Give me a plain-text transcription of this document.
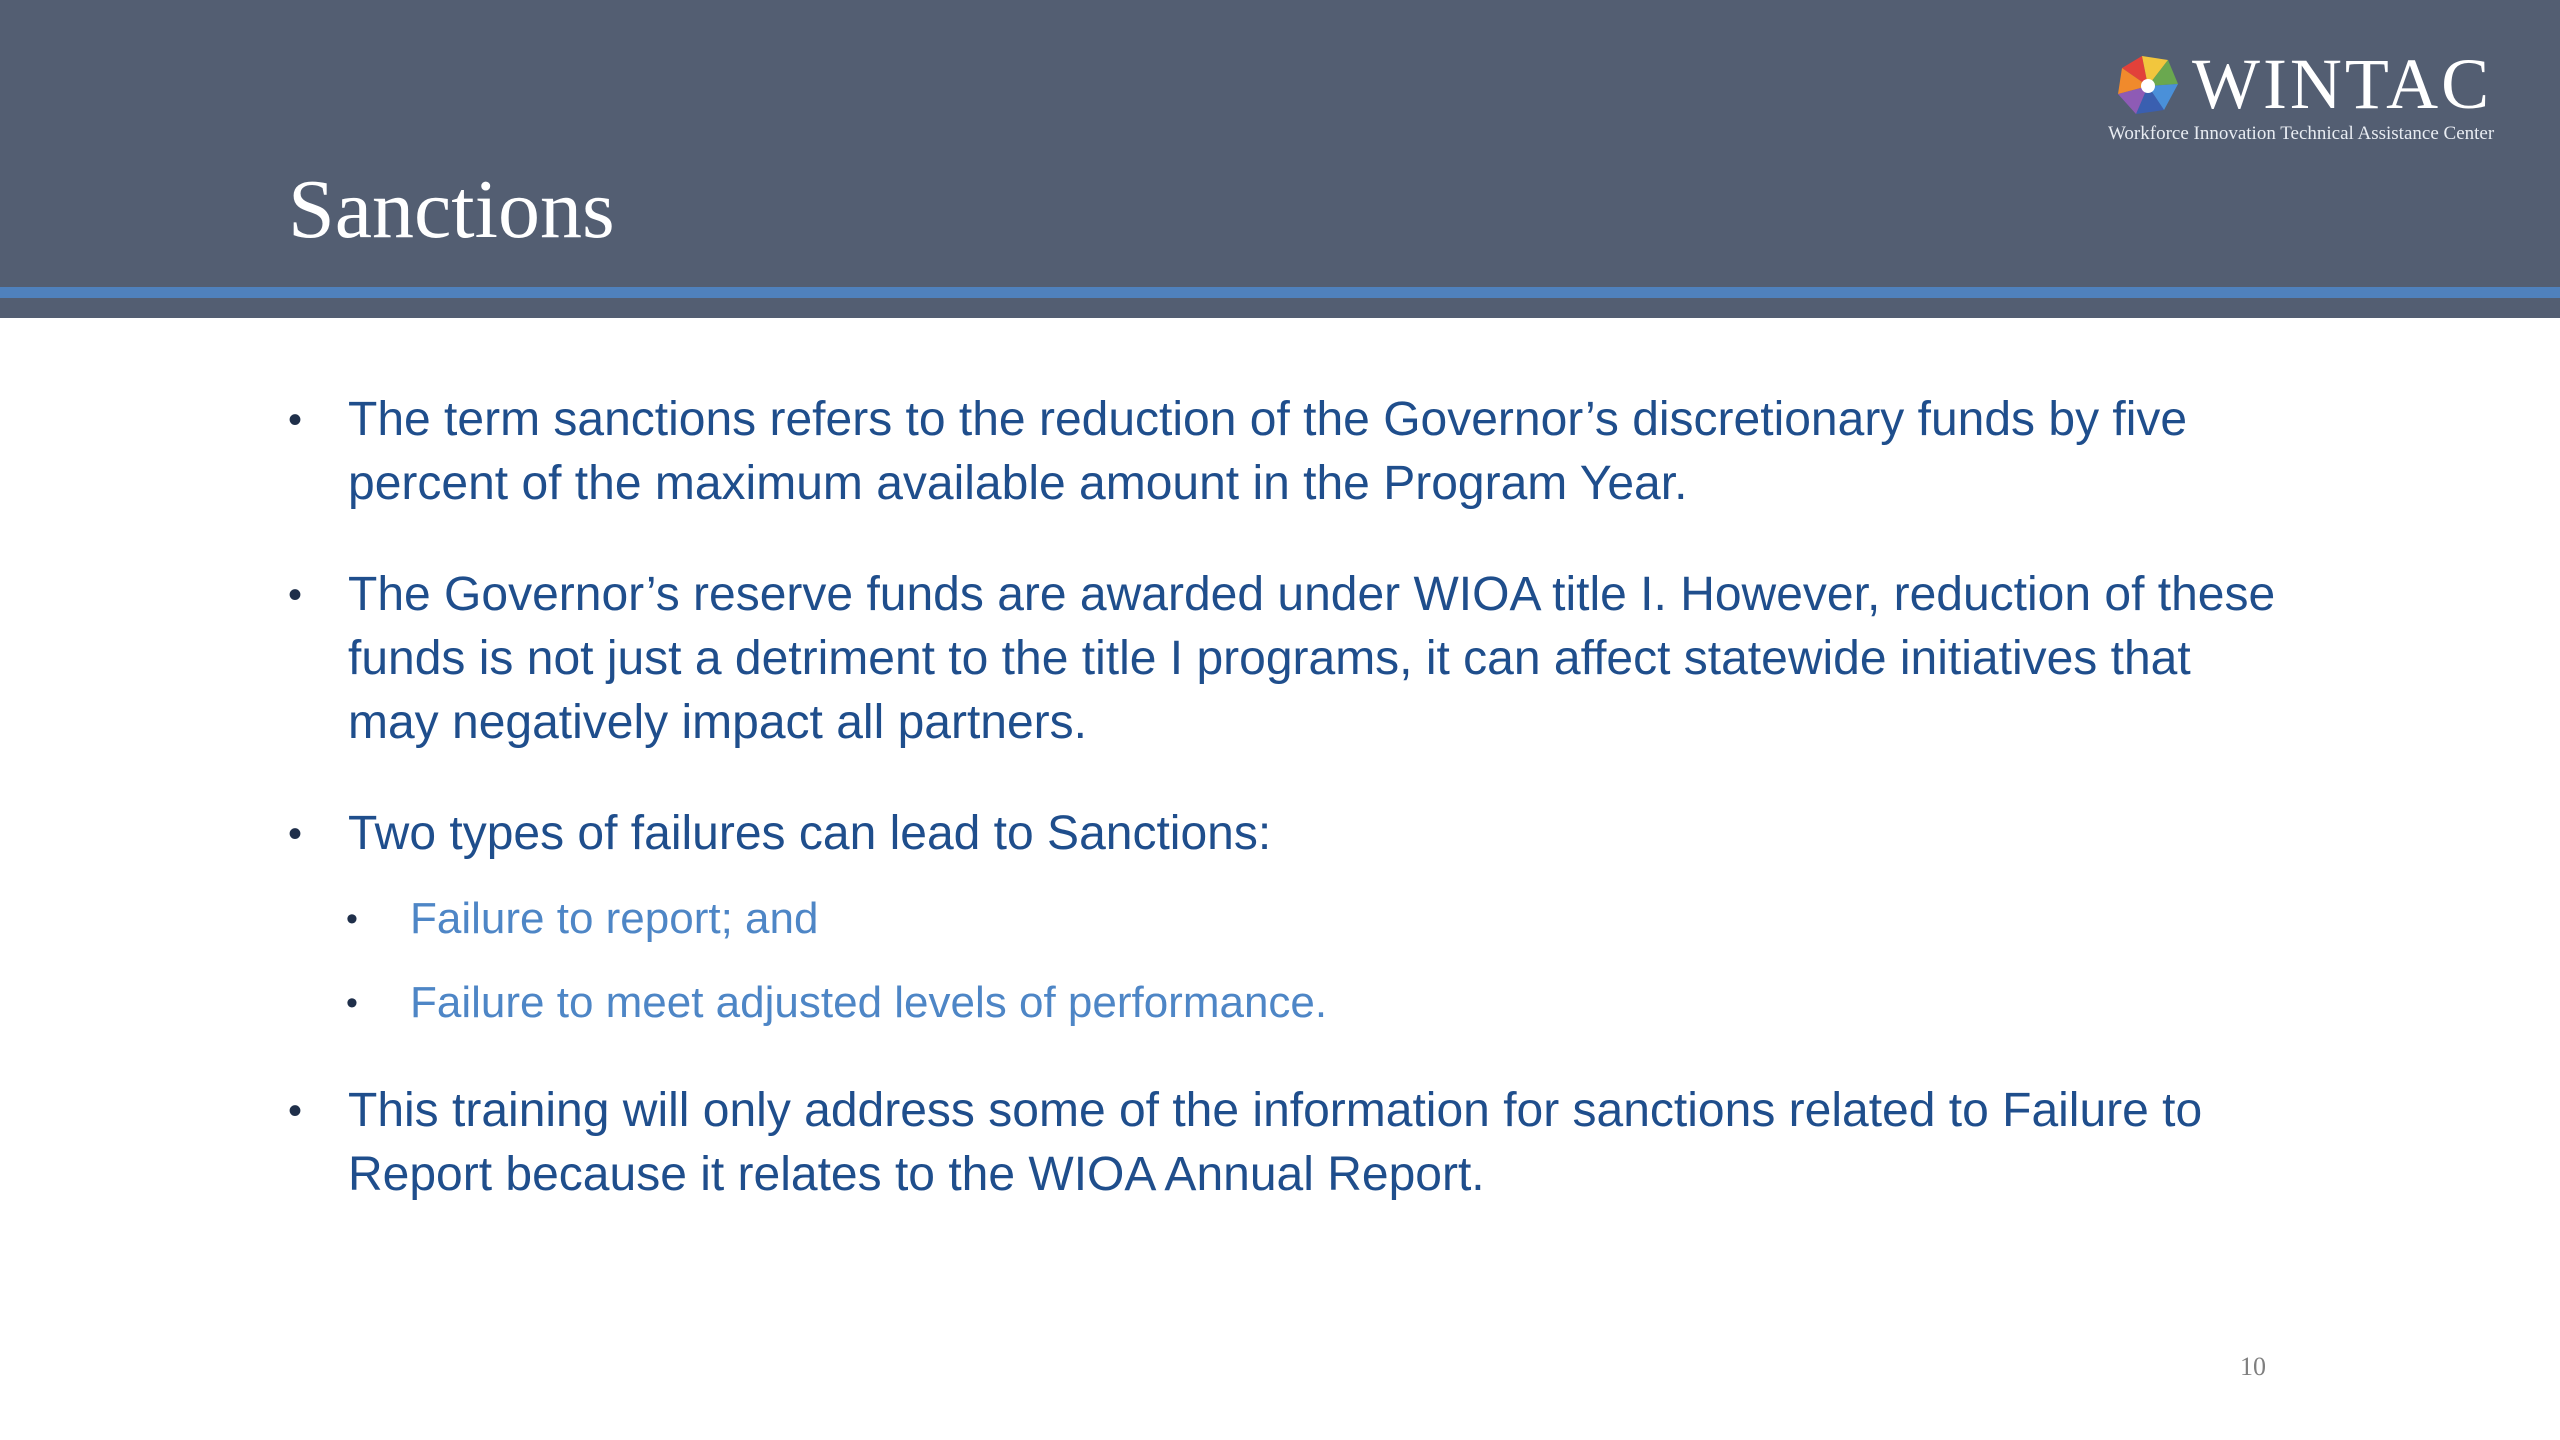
Sanctions
WINTAC
Workforce Innovation Technical Assistance Center
• The term sanctions refers to the reduction of the Governor’s discretionary funds by five percent of the maximum available amount in the Program Year.
• The Governor’s reserve funds are awarded under WIOA title I. However, reduction of these funds is not just a detriment to the title I programs, it can affect statewide initiatives that may negatively impact all partners.
• Two types of failures can lead to Sanctions:
• Failure to report; and
• Failure to meet adjusted levels of performance.
• This training will only address some of the information for sanctions related to Failure to Report because it relates to the WIOA Annual Report.
10
